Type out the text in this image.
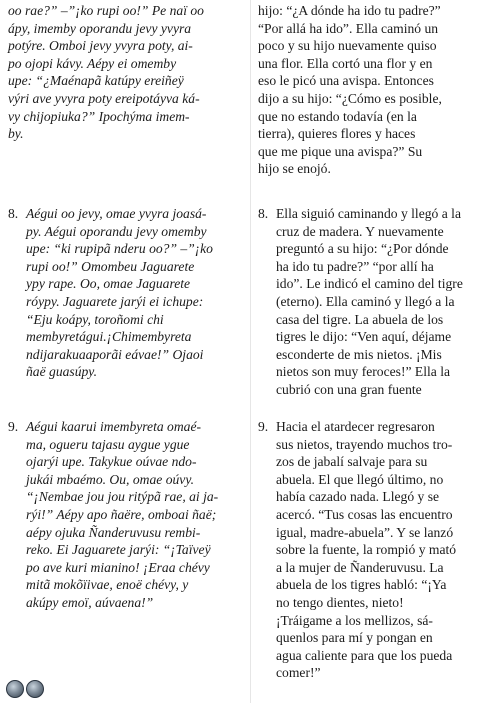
oo rae?” –”¡ko rupi oo!” Pe naï oo
ápy, imemby oporandu jevy yvyra
potýre. Omboi jevy yvyra poty, ai-
po ojopi kávy. Aépy ei omemby
upe: “¿Maénapã katúpy ereiñeÿ
výri ave yvyra poty ereipotáyva ká-
vy chijopiuka?” Ipochýma imem-
by.
8. Aégui oo jevy, omae yvyra joasá-
py. Aégui oporandu jevy omemby
upe: “ki rupipã nderu oo?” –”¡ko
rupi oo!” Omombeu Jaguarete
ypy rape. Oo, omae Jaguarete
róypy. Jaguarete jarýi ei ichupe:
“Eju koápy, toroñomi chi
membyretágui.¡Chimembyreta
ndijarakuaaporãi eávae!” Ojaoi
ñaë guasúpy.
9. Aégui kaarui imembyreta omaé-
ma, ogueru tajasu aygue ygue
ojarýi upe. Takykue oúvae ndo-
jukái mbaémo. Ou, omae oúvy.
“¡Nembae jou jou ritýpã rae, ai ja-
rýi!” Aépy apo ñaëre, omboai ñaë;
aépy ojuka Ñanderuvusu rembi-
reko. Ei Jaguarete jarýi: “¡Taïveÿ
po ave kuri mianino! ¡Eraa chévy
mitã mokõïivae, enoë chévy, y
akúpy emoï, aúvaena!”
hijo: “¿A dónde ha ido tu padre?”
“Por allá ha ido”. Ella caminó un
poco y su hijo nuevamente quiso
una flor. Ella cortó una flor y en
eso le picó una avispa. Entonces
dijo a su hijo: “¿Cómo es posible,
que no estando todavía (en la
tierra), quieres flores y haces
que me pique una avispa?” Su
hijo se enojó.
8. Ella siguió caminando y llegó a la
cruz de madera. Y nuevamente
preguntó a su hijo: “¿Por dónde
ha ido tu padre?” “por allí ha
ido”. Le indicó el camino del tigre
(eterno). Ella caminó y llegó a la
casa del tigre. La abuela de los
tigres le dijo: “Ven aquí, déjame
esconderte de mis nietos. ¡Mis
nietos son muy feroces!” Ella la
cubrió con una gran fuente
9. Hacia el atardecer regresaron
sus nietos, trayendo muchos tro-
zos de jabalí salvaje para su
abuela. El que llegó último, no
había cazado nada. Llegó y se
acercó. “Tus cosas las encuentro
igual, madre-abuela”. Y se lanzó
sobre la fuente, la rompió y mató
a la mujer de Ñanderuvusu. La
abuela de los tigres habló: “¡Ya
no tengo dientes, nieto!
¡Tráigame a los mellizos, sá-
quenlos para mí y pongan en
agua caliente para que los pueda
comer!”
